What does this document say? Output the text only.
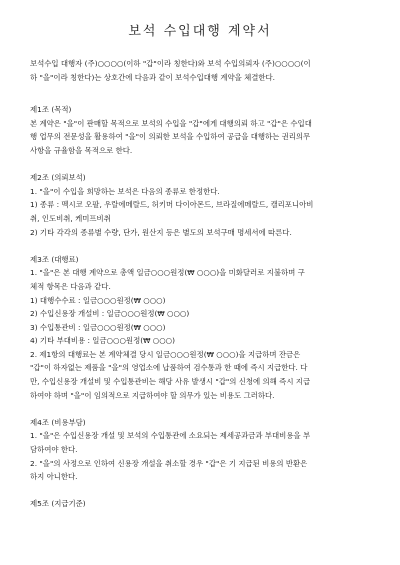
보석 수입대행 계약서

보석수입 대행자 (주)○○○○(이하 "갑"이라 칭한다)와 보석 수입의뢰자 (주)○○○○(이
하 "을"이라 칭한다)는 상호간에 다음과 같이 보석수입대행 계약을 체결한다.

제1조 (목적)

본 계약은 "을"이 판매할 목적으로 보석의 수입을 "갑"에게 대행의뢰 하고 "갑"은 수입대
행 업무의 전문성을 활용하여 "을"이 의뢰한 보석을 수입하여 공급을 대행하는 권리의무
사항을 규율함을 목적으로 한다.

제2조 (의뢰보석)

1. "을"이 수입을 희망하는 보석은 다음의 종류로 한정한다.
1) 종류 : 멕시코 오팔, 우랄에메랄드, 허키머 다이아몬드, 브라질에메랄드, 캘리포니아비
취, 인도비취, 케미프비취
2) 기타 각각의 종류별 수량, 단가, 원산지 등은 별도의 보석구매 명세서에 따른다.

제3조 (대행료)

1. "을"은 본 대행 계약으로 총액 일금○○○원정(₩ ○○○)을 미화달러로 지불하며 구
체적 항목은 다음과 같다.
1) 대행수수료 : 일금○○○원정(₩ ○○○)
2) 수입신용장 개설비 : 일금○○○원정(₩ ○○○)
3) 수입통관비 : 일금○○○원정(₩ ○○○)
4) 기타 부대비용 : 일금○○○원정(₩ ○○○)
2. 제1항의 대행료는 본 계약체결 당시 일금○○○원정(₩ ○○○)을 지급하며 잔금은
"갑"이 하자없는 제품을 "을"의 영업소에 납품하여 검수통과 한 때에 즉시 지급한다. 다
만, 수입신용장 개설비 및 수입통관비는 해당 사유 발생시 "갑"의 신청에 의해 즉시 지급
하여야 하며 "을"이 임의적으로 지급하여야 할 의무가 있는 비용도 그러하다.

제4조 (비용부담)

1. "을"은 수입신용장 개설 및 보석의 수입통관에 소요되는 제세공과금과 부대비용을 부
담하여야 한다.
2. "을"의 사정으로 인하여 신용장 개설을 취소할 경우 "갑"은 기 지급된 비용의 반환은
하지 아니한다.

제5조 (지급기준)
